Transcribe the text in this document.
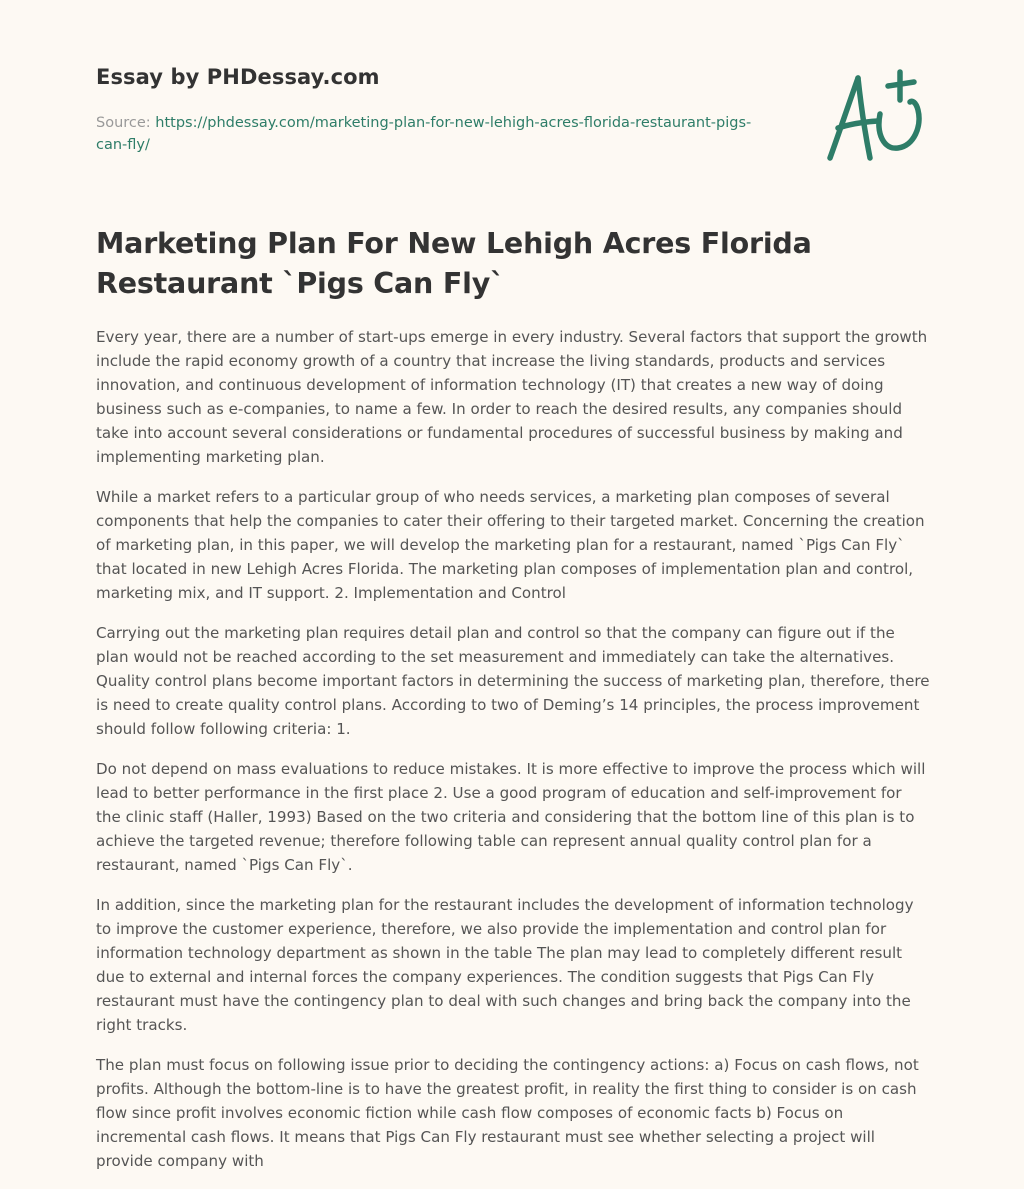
Essay by PHDessay.com
Source: https://phdessay.com/marketing-plan-for-new-lehigh-acres-florida-restaurant-pigs-can-fly/
Marketing Plan For New Lehigh Acres Florida Restaurant `Pigs Can Fly`

Every year, there are a number of start-ups emerge in every industry. Several factors that support the growth include the rapid economy growth of a country that increase the living standards, products and services innovation, and continuous development of information technology (IT) that creates a new way of doing business such as e-companies, to name a few. In order to reach the desired results, any companies should take into account several considerations or fundamental procedures of successful business by making and implementing marketing plan.

While a market refers to a particular group of who needs services, a marketing plan composes of several components that help the companies to cater their offering to their targeted market. Concerning the creation of marketing plan, in this paper, we will develop the marketing plan for a restaurant, named `Pigs Can Fly` that located in new Lehigh Acres Florida. The marketing plan composes of implementation plan and control, marketing mix, and IT support. 2. Implementation and Control

Carrying out the marketing plan requires detail plan and control so that the company can figure out if the plan would not be reached according to the set measurement and immediately can take the alternatives. Quality control plans become important factors in determining the success of marketing plan, therefore, there is need to create quality control plans. According to two of Deming’s 14 principles, the process improvement should follow following criteria: 1.

Do not depend on mass evaluations to reduce mistakes. It is more effective to improve the process which will lead to better performance in the first place 2. Use a good program of education and self-improvement for the clinic staff (Haller, 1993) Based on the two criteria and considering that the bottom line of this plan is to achieve the targeted revenue; therefore following table can represent annual quality control plan for a restaurant, named `Pigs Can Fly`.

In addition, since the marketing plan for the restaurant includes the development of information technology to improve the customer experience, therefore, we also provide the implementation and control plan for information technology department as shown in the table The plan may lead to completely different result due to external and internal forces the company experiences. The condition suggests that Pigs Can Fly restaurant must have the contingency plan to deal with such changes and bring back the company into the right tracks.

The plan must focus on following issue prior to deciding the contingency actions: a) Focus on cash flows, not profits. Although the bottom-line is to have the greatest profit, in reality the first thing to consider is on cash flow since profit involves economic fiction while cash flow composes of economic facts b) Focus on incremental cash flows. It means that Pigs Can Fly restaurant must see whether selecting a project will provide company with
